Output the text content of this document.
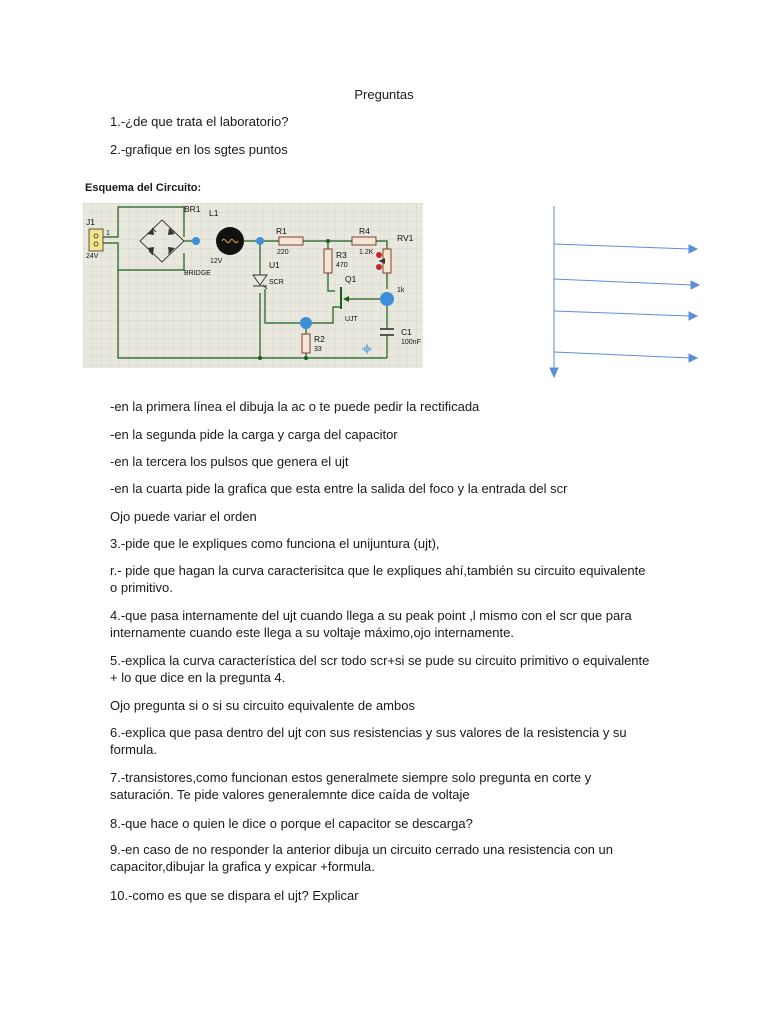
Preguntas
1.-¿de que trata el laboratorio?
2.-grafique en los sgtes puntos
Esquema del Circuito:
J1
1
24V
BR1
BRIDGE
L1
12V
R1
220
R4
1.2K
RV1
1k
R3
470
Q1
UJT
U1
SCR
R2
33
C1
100nF
-en la primera línea el dibuja la ac o te puede pedir la rectificada
-en la segunda pide la carga y carga del capacitor
-en la tercera los pulsos que genera el ujt
-en la cuarta pide la grafica que esta entre la salida del foco y la entrada del scr
Ojo puede variar el orden
3.-pide que le expliques como funciona el unijuntura (ujt),
r.- pide que hagan la curva caracterisitca que le expliques ahí,también su circuito equivalente o primitivo.
4.-que pasa internamente del ujt cuando llega a su peak point ,l mismo con el scr que para internamente cuando este llega a su voltaje máximo,ojo internamente.
5.-explica la curva característica del scr todo scr+si se pude su circuito primitivo o equivalente + lo que dice en la pregunta 4.
Ojo pregunta si o si su circuito equivalente de ambos
6.-explica que pasa dentro del ujt con sus resistencias y sus valores de la resistencia y su formula.
7.-transistores,como funcionan estos generalmete siempre solo pregunta en corte y saturación. Te pide valores generalemnte dice caída de voltaje
8.-que hace o quien le dice o porque el capacitor se descarga?
9.-en caso de no responder la anterior dibuja un circuito cerrado una resistencia con un capacitor,dibujar la grafica y expicar +formula.
10.-como es que se dispara el ujt? Explicar
